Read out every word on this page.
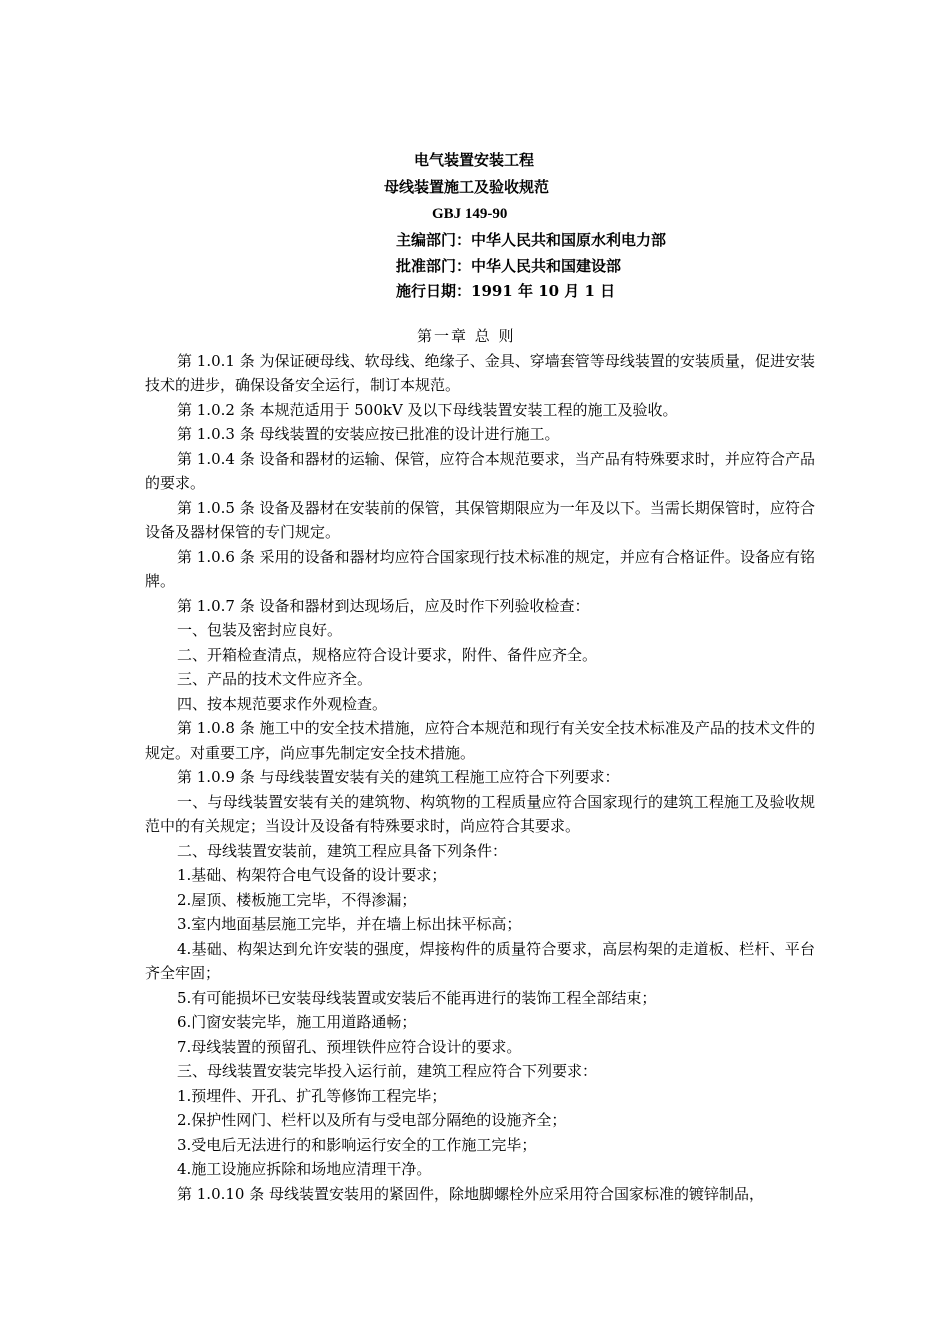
电气装置安装工程
母线装置施工及验收规范
GBJ 149-90
主编部门：中华人民共和国原水利电力部
批准部门：中华人民共和国建设部
施行日期：1991 年 10 月 1 日
第一章 总 则

第 1.0.1 条 为保证硬母线、软母线、绝缘子、金具、穿墙套管等母线装置的安装质量，促进安装技术的进步，确保设备安全运行，制订本规范。

第 1.0.2 条 本规范适用于 500kV 及以下母线装置安装工程的施工及验收。

第 1.0.3 条 母线装置的安装应按已批准的设计进行施工。

第 1.0.4 条 设备和器材的运输、保管，应符合本规范要求，当产品有特殊要求时，并应符合产品的要求。

第 1.0.5 条 设备及器材在安装前的保管，其保管期限应为一年及以下。当需长期保管时，应符合设备及器材保管的专门规定。

第 1.0.6 条 采用的设备和器材均应符合国家现行技术标准的规定，并应有合格证件。设备应有铭牌。

第 1.0.7 条 设备和器材到达现场后，应及时作下列验收检查：

一、包装及密封应良好。

二、开箱检查清点，规格应符合设计要求，附件、备件应齐全。

三、产品的技术文件应齐全。

四、按本规范要求作外观检查。

第 1.0.8 条 施工中的安全技术措施，应符合本规范和现行有关安全技术标准及产品的技术文件的规定。对重要工序，尚应事先制定安全技术措施。

第 1.0.9 条 与母线装置安装有关的建筑工程施工应符合下列要求：

一、与母线装置安装有关的建筑物、构筑物的工程质量应符合国家现行的建筑工程施工及验收规范中的有关规定；当设计及设备有特殊要求时，尚应符合其要求。

二、母线装置安装前，建筑工程应具备下列条件：

1.基础、构架符合电气设备的设计要求；

2.屋顶、楼板施工完毕，不得渗漏；

3.室内地面基层施工完毕，并在墙上标出抹平标高；

4.基础、构架达到允许安装的强度，焊接构件的质量符合要求，高层构架的走道板、栏杆、平台齐全牢固；

5.有可能损坏已安装母线装置或安装后不能再进行的装饰工程全部结束；

6.门窗安装完毕，施工用道路通畅；

7.母线装置的预留孔、预埋铁件应符合设计的要求。

三、母线装置安装完毕投入运行前，建筑工程应符合下列要求：

1.预埋件、开孔、扩孔等修饰工程完毕；

2.保护性网门、栏杆以及所有与受电部分隔绝的设施齐全；

3.受电后无法进行的和影响运行安全的工作施工完毕；

4.施工设施应拆除和场地应清理干净。

第 1.0.10 条 母线装置安装用的紧固件，除地脚螺栓外应采用符合国家标准的镀锌制品，
